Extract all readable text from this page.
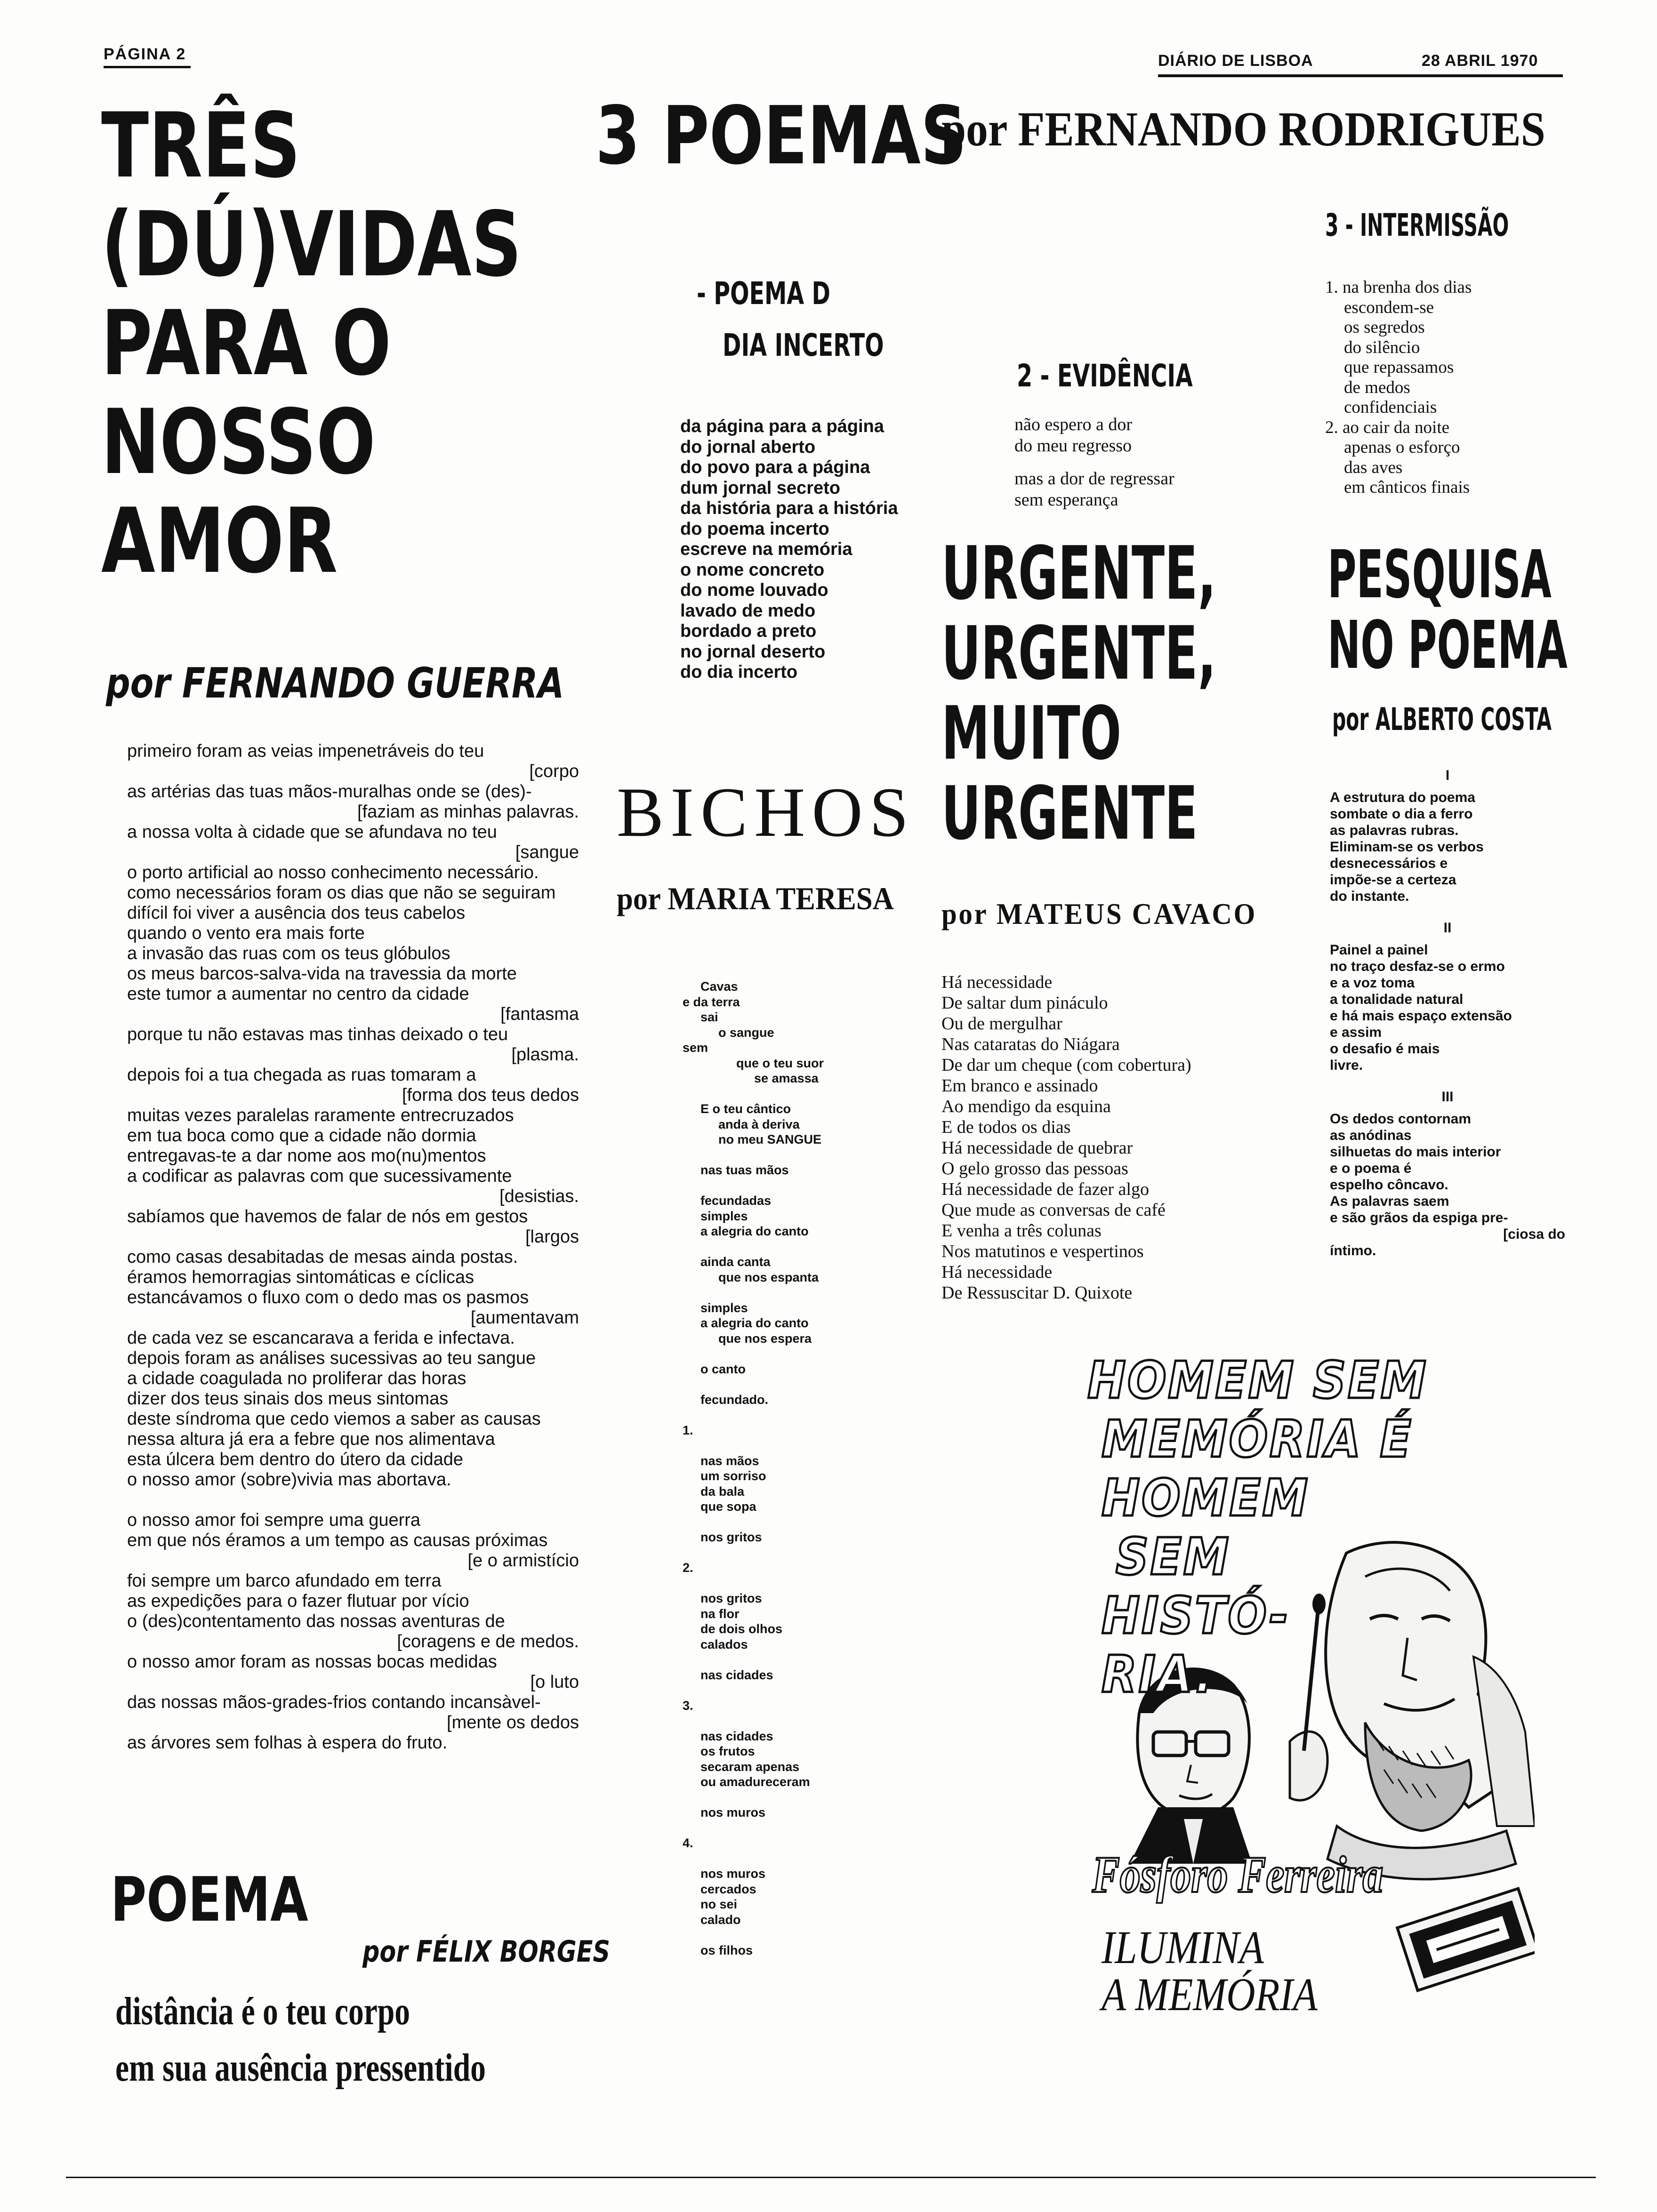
PÁGINA 2	DIÁRIO DE LISBOA	28 ABRIL 1970
TRÊS
(DÚ)VIDAS
PARA O
NOSSO
AMOR
por FERNANDO GUERRA
primeiro foram as veias impenetráveis do teu
[corpo
as artérias das tuas mãos-muralhas onde se (des)-
[faziam as minhas palavras.
a nossa volta à cidade que se afundava no teu
[sangue
o porto artificial ao nosso conhecimento necessário.
como necessários foram os dias que não se seguiram
difícil foi viver a ausência dos teus cabelos
quando o vento era mais forte
a invasão das ruas com os teus glóbulos
os meus barcos-salva-vida na travessia da morte
este tumor a aumentar no centro da cidade
[fantasma
porque tu não estavas mas tinhas deixado o teu
[plasma.
depois foi a tua chegada as ruas tomaram a
[forma dos teus dedos
muitas vezes paralelas raramente entrecruzados
em tua boca como que a cidade não dormia
entregavas-te a dar nome aos mo(nu)mentos
a codificar as palavras com que sucessivamente
[desistias.
sabíamos que havemos de falar de nós em gestos
[largos
como casas desabitadas de mesas ainda postas.
éramos hemorragias sintomáticas e cíclicas
estancávamos o fluxo com o dedo mas os pasmos
[aumentavam
de cada vez se escancarava a ferida e infectava.
depois foram as análises sucessivas ao teu sangue
a cidade coagulada no proliferar das horas
dizer dos teus sinais dos meus sintomas
deste síndroma que cedo viemos a saber as causas
nessa altura já era a febre que nos alimentava
esta úlcera bem dentro do útero da cidade
o nosso amor (sobre)vivia mas abortava.

o nosso amor foi sempre uma guerra
em que nós éramos a um tempo as causas próximas
[e o armistício
foi sempre um barco afundado em terra
as expedições para o fazer flutuar por vício
o (des)contentamento das nossas aventuras de
[coragens e de medos.
o nosso amor foram as nossas bocas medidas
[o luto
das nossas mãos-grades-frios contando incansàvel-
[mente os dedos
as árvores sem folhas à espera do fruto.
POEMA
por FÉLIX BORGES
distância é o teu corpo
em sua ausência pressentido
3 POEMAS
por FERNANDO RODRIGUES
- POEMA D
DIA INCERTO
da página para a página
do jornal aberto
do povo para a página
dum jornal secreto
da história para a história
do poema incerto
escreve na memória
o nome concreto
do nome louvado
lavado de medo
bordado a preto
no jornal deserto
do dia incerto
BICHOS
por MARIA TERESA
Cavas
e da terra
sai
o sangue
sem
que o teu suor
se amassa

E o teu cântico
anda à deriva
no meu SANGUE

nas tuas mãos

fecundadas
simples
a alegria do canto

ainda canta
que nos espanta

simples
a alegria do canto
que nos espera

o canto

fecundado.

1.

nas mãos
um sorriso
da bala
que sopa

nos gritos

2.

nos gritos
na flor
de dois olhos
calados

nas cidades

3.

nas cidades
os frutos
secaram apenas
ou amadureceram

nos muros

4.

nos muros
cercados
no sei
calado

os filhos
2 - EVIDÊNCIA
não espero a dor
do meu regresso
mas a dor de regressar
sem esperança
3 - INTERMISSÃO
1. na brenha dos dias
escondem-se
os segredos
do silêncio
que repassamos
de medos
confidenciais
2. ao cair da noite
apenas o esforço
das aves
em cânticos finais
URGENTE,
URGENTE,
MUITO
URGENTE
por MATEUS CAVACO
Há necessidade
De saltar dum pináculo
Ou de mergulhar
Nas cataratas do Niágara
De dar um cheque (com cobertura)
Em branco e assinado
Ao mendigo da esquina
E de todos os dias
Há necessidade de quebrar
O gelo grosso das pessoas
Há necessidade de fazer algo
Que mude as conversas de café
E venha a três colunas
Nos matutinos e vespertinos
Há necessidade
De Ressuscitar D. Quixote
PESQUISA
NO POEMA
por ALBERTO COSTA
I
A estrutura do poema
sombate o dia a ferro
as palavras rubras.
Eliminam-se os verbos
desnecessários e
impõe-se a certeza
do instante.
II
Painel a painel
no traço desfaz-se o ermo
e a voz toma
a tonalidade natural
e há mais espaço extensão
e assim
o desafio é mais
livre.
III
Os dedos contornam
as anódinas
silhuetas do mais interior
e o poema é
espelho côncavo.
As palavras saem
e são grãos da espiga pre-
[ciosa do
íntimo.
HOMEM SEM
MEMÓRIA É
HOMEM
SEM
HISTÓ-
RIA.
Fósforo Ferreira
ILUMINA
A MEMÓRIA
